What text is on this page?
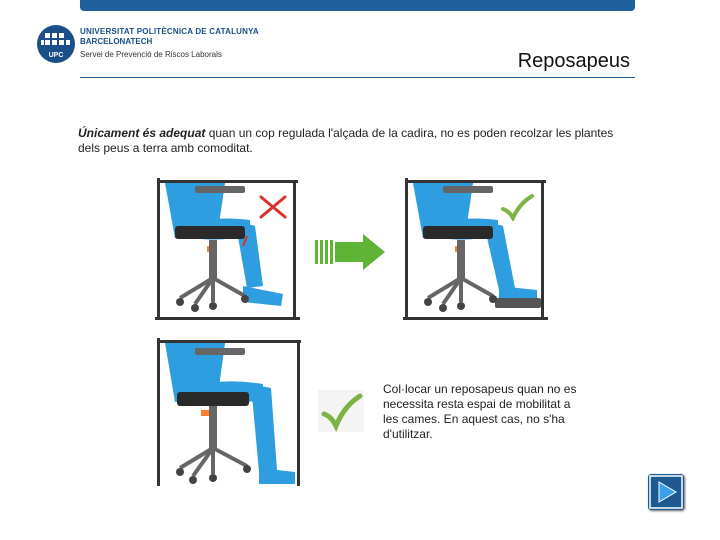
UPC
UNIVERSITAT POLITÈCNICA DE CATALUNYA
BARCELONATECH
Servei de Prevenció de Riscos Laborals	Reposapeus
Únicament és adequat quan un cop regulada l'alçada de la cadira, no es poden recolzar les plantes dels peus a terra amb comoditat.
Col·locar un reposapeus quan no es necessita resta espai de mobilitat a les cames. En aquest cas, no s'ha d'utilitzar.
